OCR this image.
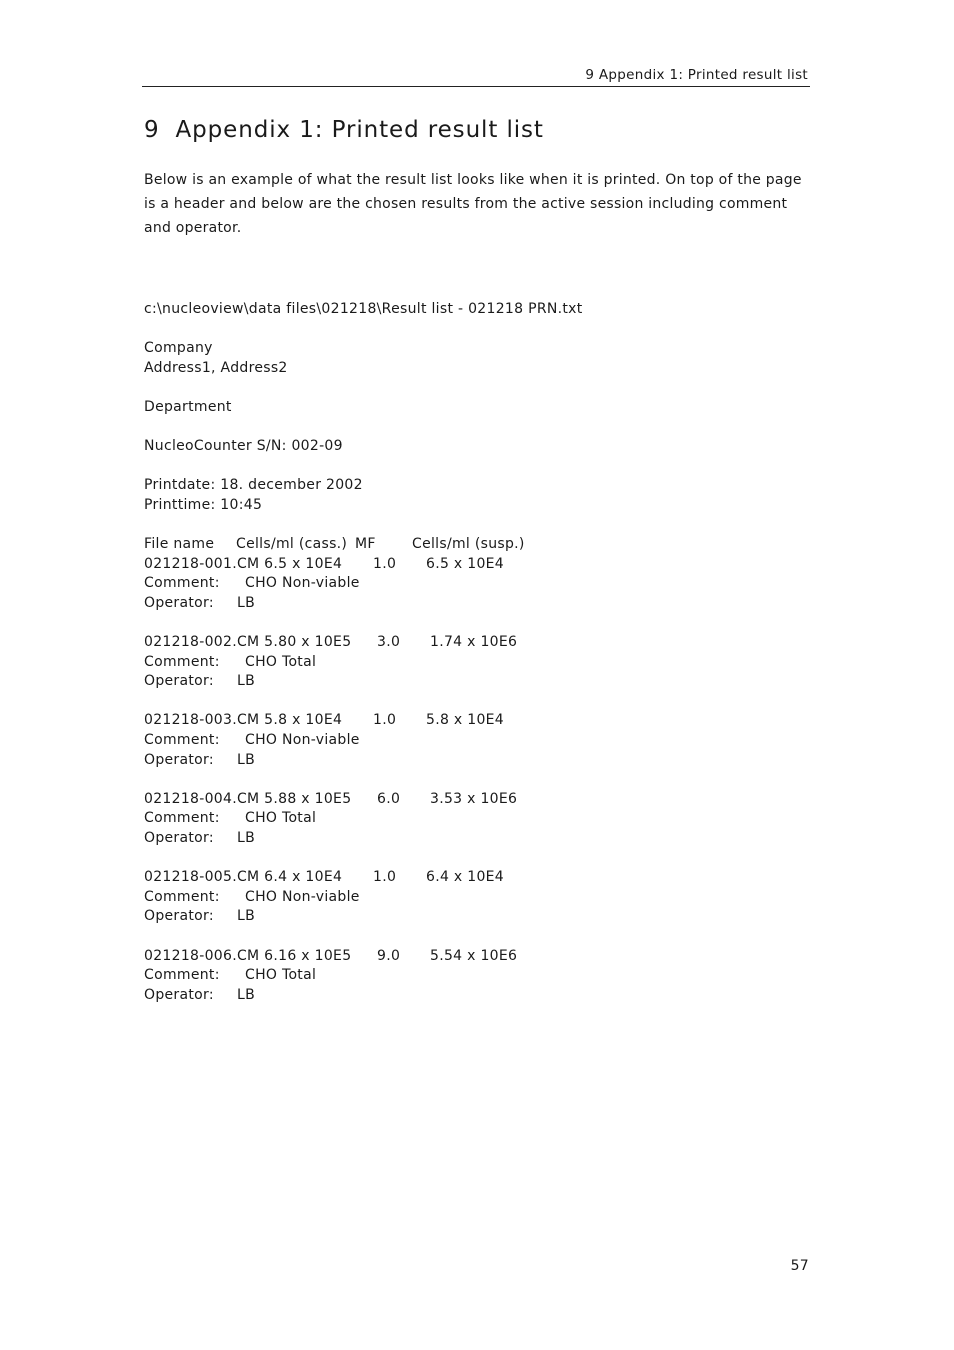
9 Appendix 1: Printed result list
9 Appendix 1: Printed result list

Below is an example of what the result list looks like when it is printed. On top of the page is a header and below are the chosen results from the active session including comment and operator.

c:\nucleoview\data files\021218\Result list - 021218 PRN.txt
Company
Address1, Address2
Department
NucleoCounter S/N: 002-09
Printdate: 18. december 2002
Printtime: 10:45

File name

Cells/ml (cass.)

MF

	Cells/ml (susp.)

021218-001.CM 6.5 x 10E4

1.0

6.5 x 10E4

Comment:

CHO Non-viable

Operator:

LB

021218-002.CM 5.80 x 10E5

3.0

1.74 x 10E6

Comment:

CHO Total

Operator:

LB

021218-003.CM 5.8 x 10E4

1.0

5.8 x 10E4

Comment:

CHO Non-viable

Operator:

LB

021218-004.CM 5.88 x 10E5

6.0

3.53 x 10E6

Comment:

CHO Total

Operator:

LB

021218-005.CM 6.4 x 10E4

1.0

6.4 x 10E4

Comment:

CHO Non-viable

Operator:

LB

021218-006.CM 6.16 x 10E5

9.0

5.54 x 10E6

Comment:

CHO Total

Operator:

LB

57
